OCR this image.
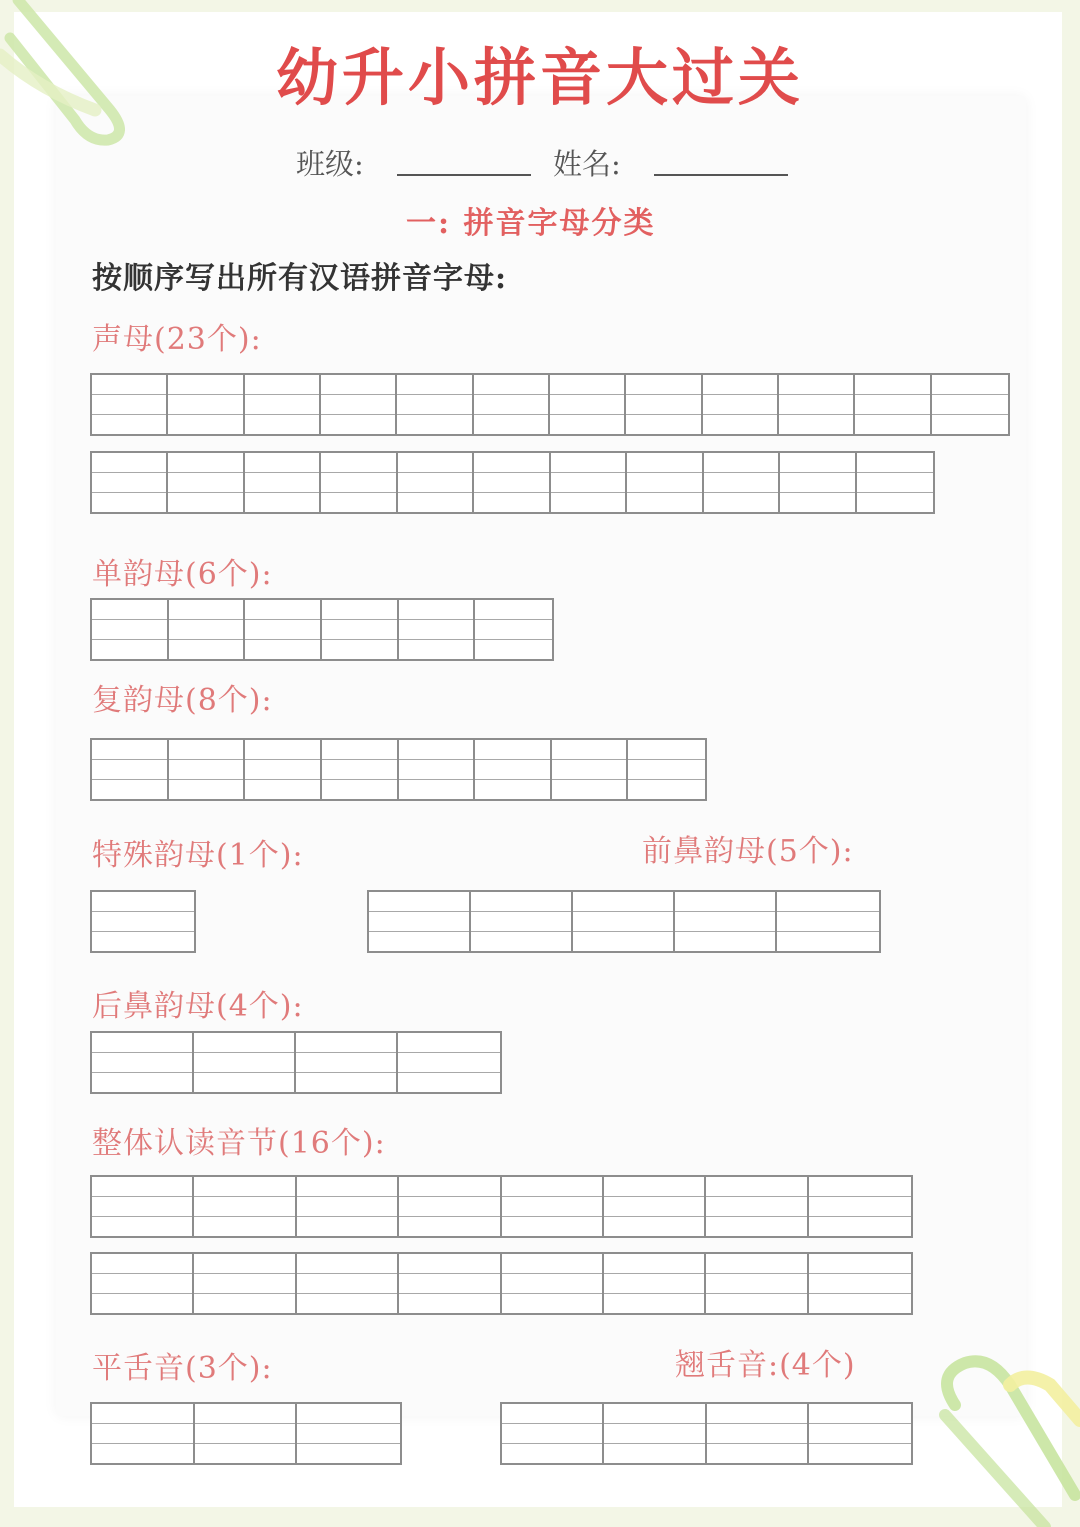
幼升小拼音大过关
班级:	姓名:
一: 拼音字母分类
按顺序写出所有汉语拼音字母:
声母(23个):
单韵母(6个):
复韵母(8个):
特殊韵母(1个):	前鼻韵母(5个):
后鼻韵母(4个):
整体认读音节(16个):
平舌音(3个):	翘舌音:(4个)
